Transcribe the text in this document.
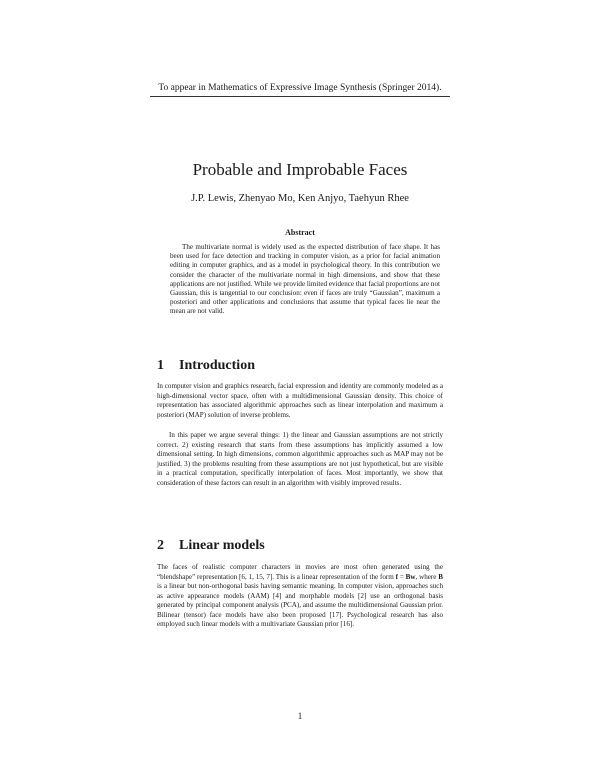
To appear in Mathematics of Expressive Image Synthesis (Springer 2014).
Probable and Improbable Faces
J.P. Lewis, Zhenyao Mo, Ken Anjyo, Taehyun Rhee
Abstract

The multivariate normal is widely used as the expected distribution of face shape. It has been used for face detection and tracking in computer vision, as a prior for facial animation editing in computer graphics, and as a model in psychological theory. In this contribution we consider the character of the multivariate normal in high dimensions, and show that these applications are not justified. While we provide limited evidence that facial proportions are not Gaussian, this is tangential to our conclusion: even if faces are truly “Gaussian”, maximum a posteriori and other applications and conclusions that assume that typical faces lie near the mean are not valid.

1 Introduction

In computer vision and graphics research, facial expression and identity are commonly modeled as a high-dimensional vector space, often with a multidimensional Gaussian density. This choice of representation has associated algorithmic approaches such as linear interpolation and maximum a posteriori (MAP) solution of inverse problems.

In this paper we argue several things: 1) the linear and Gaussian assumptions are not strictly correct. 2) existing research that starts from these assumptions has implicitly assumed a low dimensional setting. In high dimensions, common algorithmic approaches such as MAP may not be justified. 3) the problems resulting from these assumptions are not just hypothetical, but are visible in a practical computation, specifically interpolation of faces. Most importantly, we show that consideration of these factors can result in an algorithm with visibly improved results.

2 Linear models

The faces of realistic computer characters in movies are most often generated using the “blendshape” representation [6, 1, 15, 7]. This is a linear representation of the form f = Bw, where B is a linear but non-orthogonal basis having semantic meaning. In computer vision, approaches such as active appearance models (AAM) [4] and morphable models [2] use an orthogonal basis generated by principal component analysis (PCA), and assume the multidimensional Gaussian prior. Bilinear (tensor) face models have also been proposed [17]. Psychological research has also employed such linear models with a multivariate Gaussian prior [16].

1
